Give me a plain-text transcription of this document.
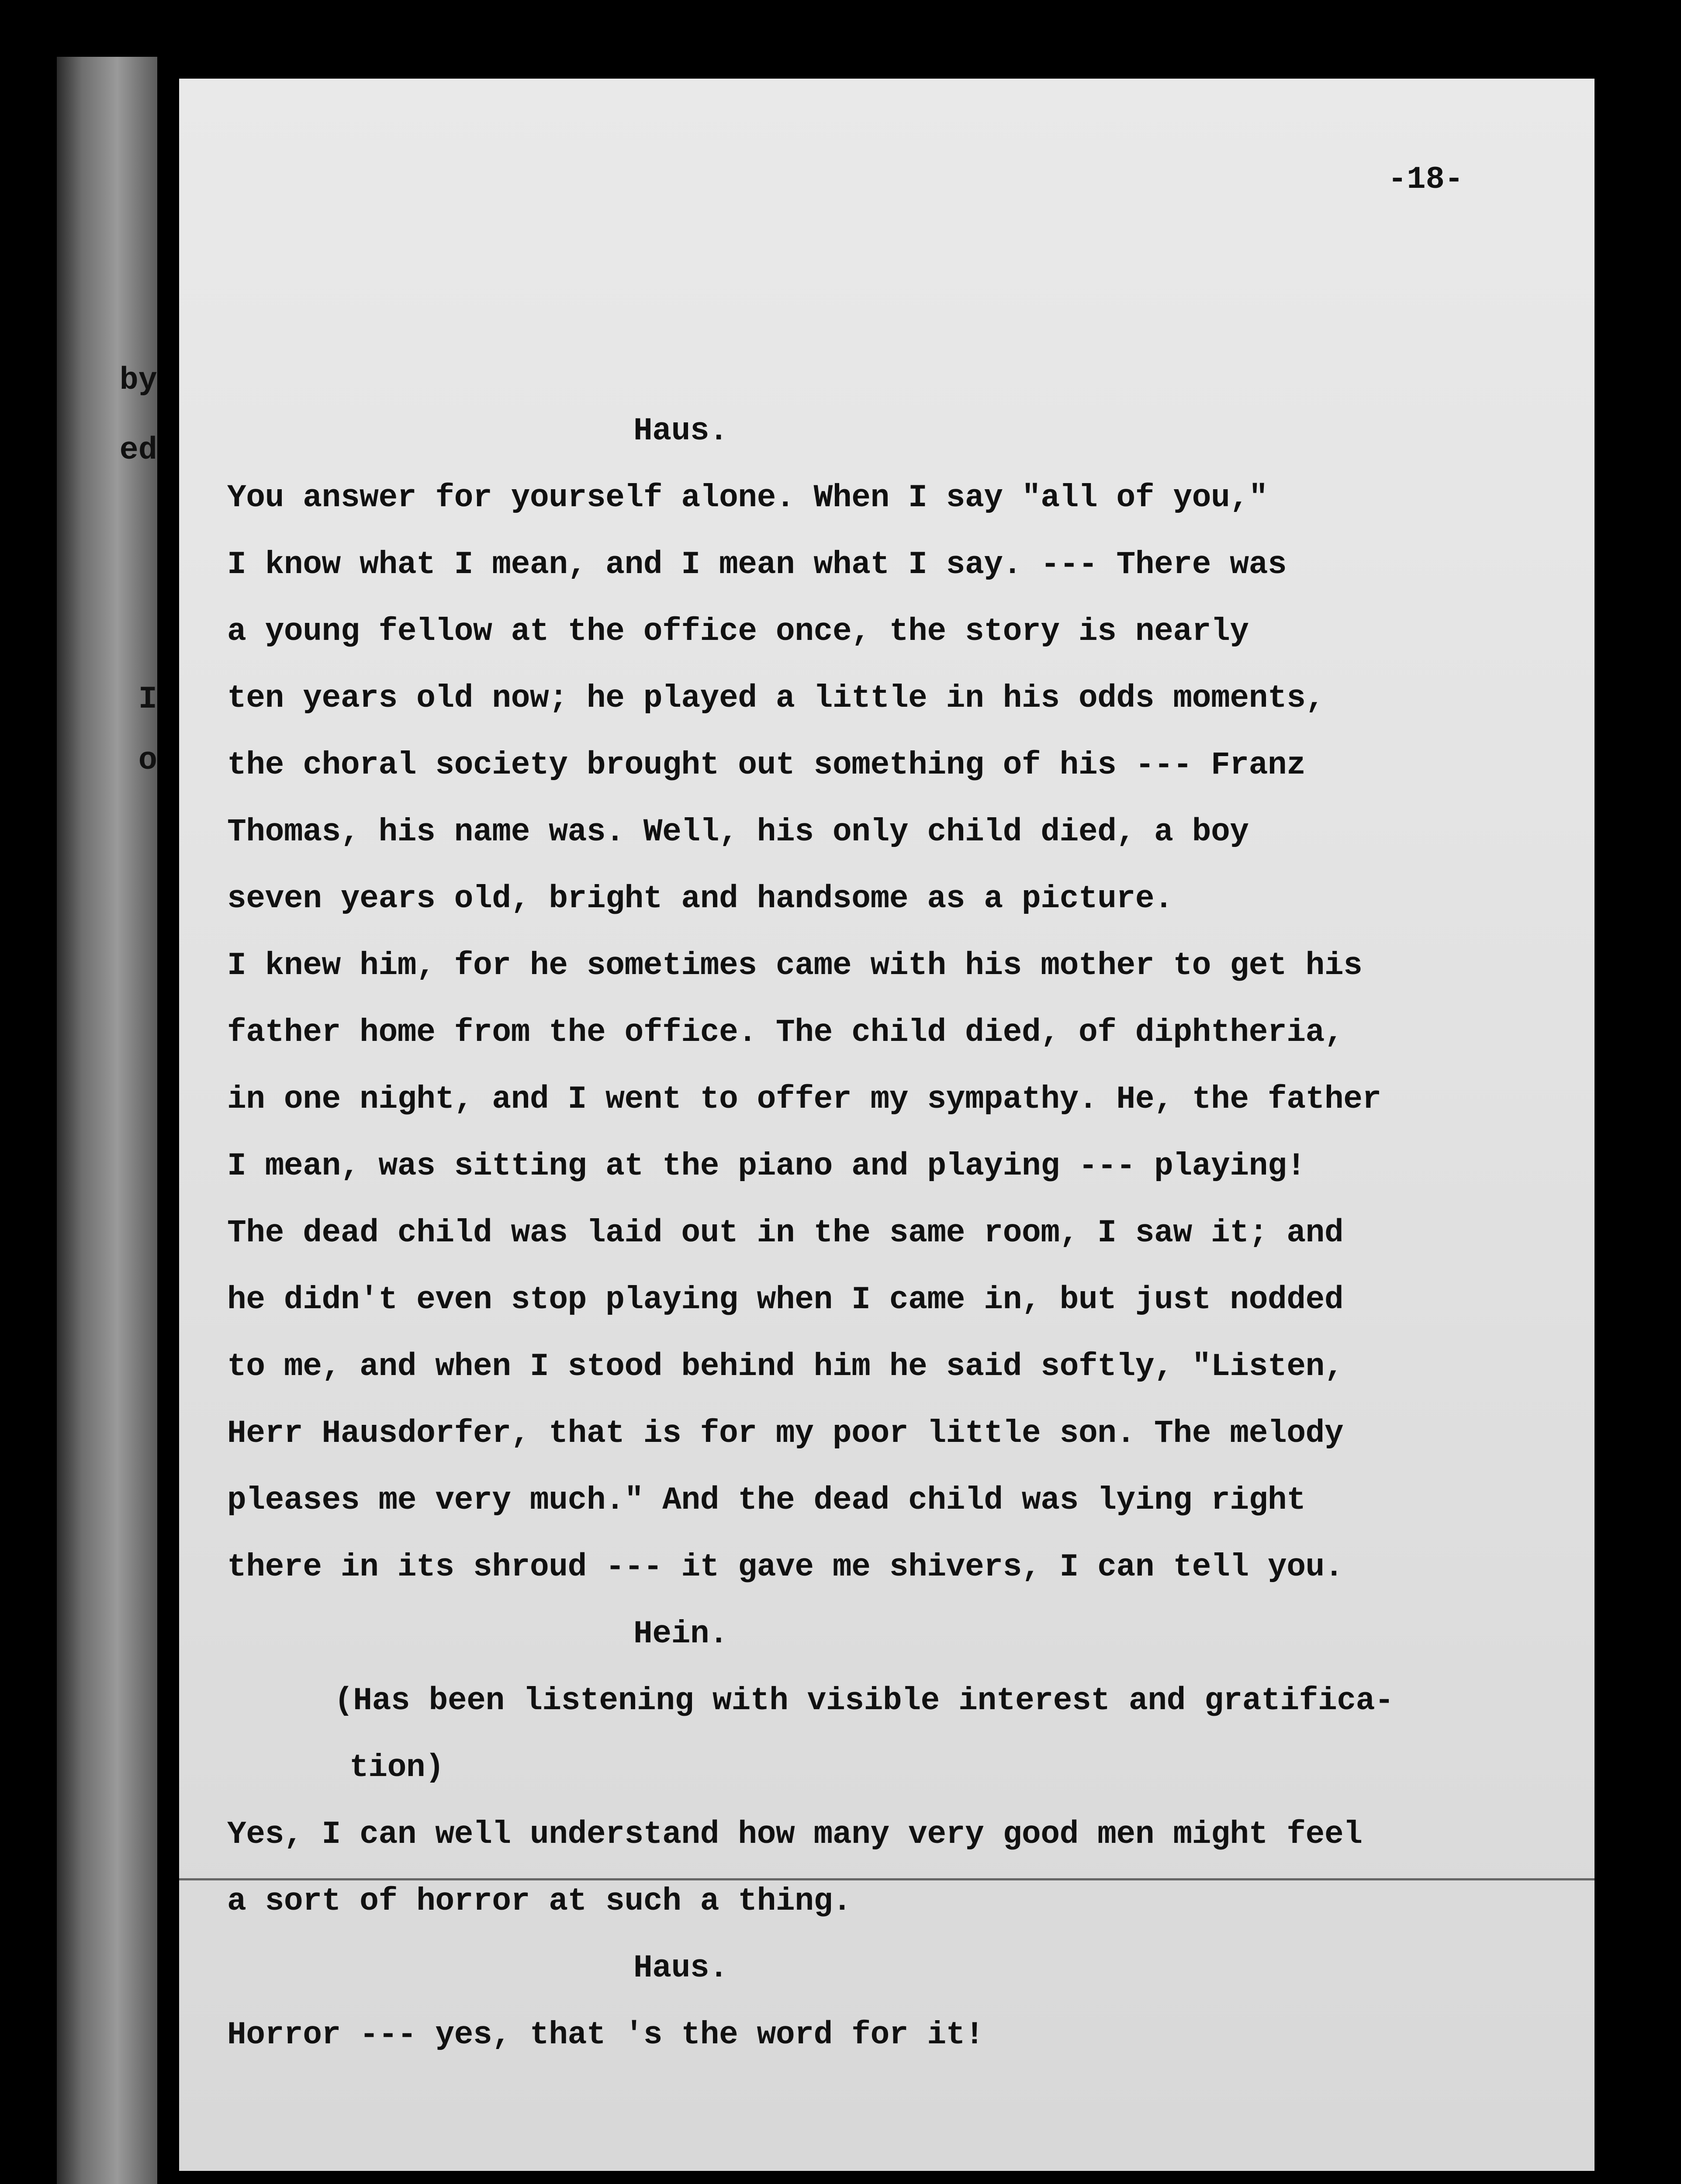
by
ed
I
o
-18-
Haus.
You answer for yourself alone. When I say "all of you,"
I know what I mean, and I mean what I say. --- There was
a young fellow at the office once, the story is nearly
ten years old now; he played a little in his odds moments,
the choral society brought out something of his --- Franz
Thomas, his name was. Well, his only child died, a boy
seven years old, bright and handsome as a picture.
I knew him, for he sometimes came with his mother to get his
father home from the office. The child died, of diphtheria,
in one night, and I went to offer my sympathy. He, the father
I mean, was sitting at the piano and playing --- playing!
The dead child was laid out in the same room, I saw it; and
he didn't even stop playing when I came in, but just nodded
to me, and when I stood behind him he said softly, "Listen,
Herr Hausdorfer, that is for my poor little son. The melody
pleases me very much." And the dead child was lying right
there in its shroud --- it gave me shivers, I can tell you.
Hein.
(Has been listening with visible interest and gratifica-
tion)
Yes, I can well understand how many very good men might feel
a sort of horror at such a thing.
Haus.
Horror --- yes, that 's the word for it!
